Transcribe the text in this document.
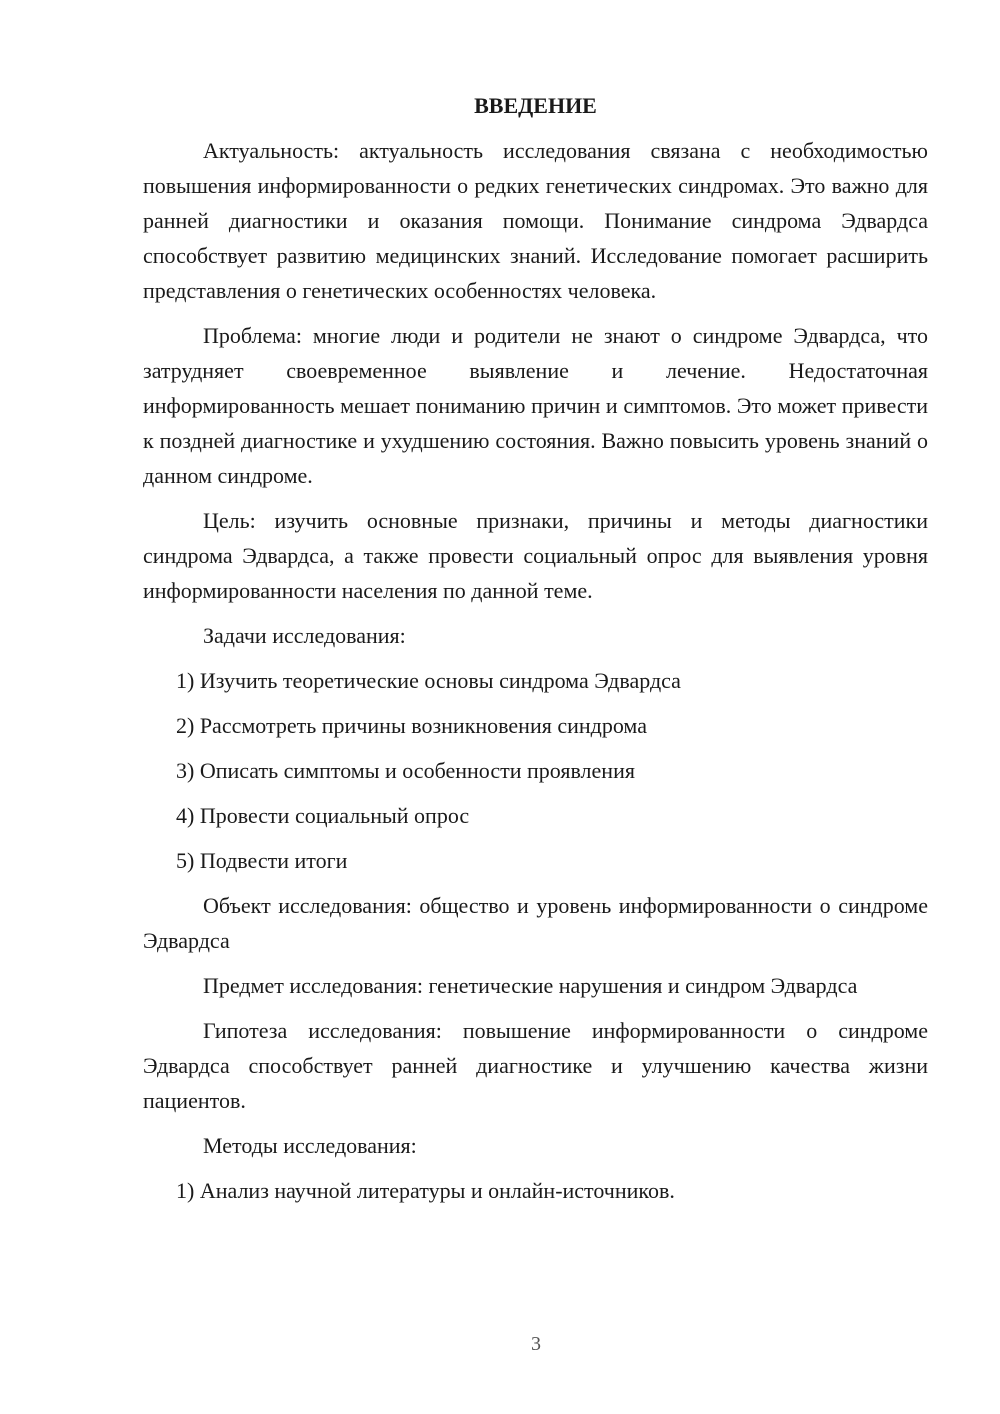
ВВЕДЕНИЕ

Актуальность: актуальность исследования связана с необходимостью повышения информированности о редких генетических синдромах. Это важно для ранней диагностики и оказания помощи. Понимание синдрома Эдвардса способствует развитию медицинских знаний. Исследование помогает расширить представления о генетических особенностях человека.

Проблема: многие люди и родители не знают о синдроме Эдвардса, что затрудняет своевременное выявление и лечение. Недостаточная информированность мешает пониманию причин и симптомов. Это может привести к поздней диагностике и ухудшению состояния. Важно повысить уровень знаний о данном синдроме.

Цель: изучить основные признаки, причины и методы диагностики синдрома Эдвардса, а также провести социальный опрос для выявления уровня информированности населения по данной теме.

Задачи исследования:

1) Изучить теоретические основы синдрома Эдвардса
2) Рассмотреть причины возникновения синдрома
3) Описать симптомы и особенности проявления
4) Провести социальный опрос
5) Подвести итоги

Объект исследования: общество и уровень информированности о синдроме Эдвардса

Предмет исследования: генетические нарушения и синдром Эдвардса

Гипотеза исследования: повышение информированности о синдроме Эдвардса способствует ранней диагностике и улучшению качества жизни пациентов.

Методы исследования:

1) Анализ научной литературы и онлайн-источников.
3
